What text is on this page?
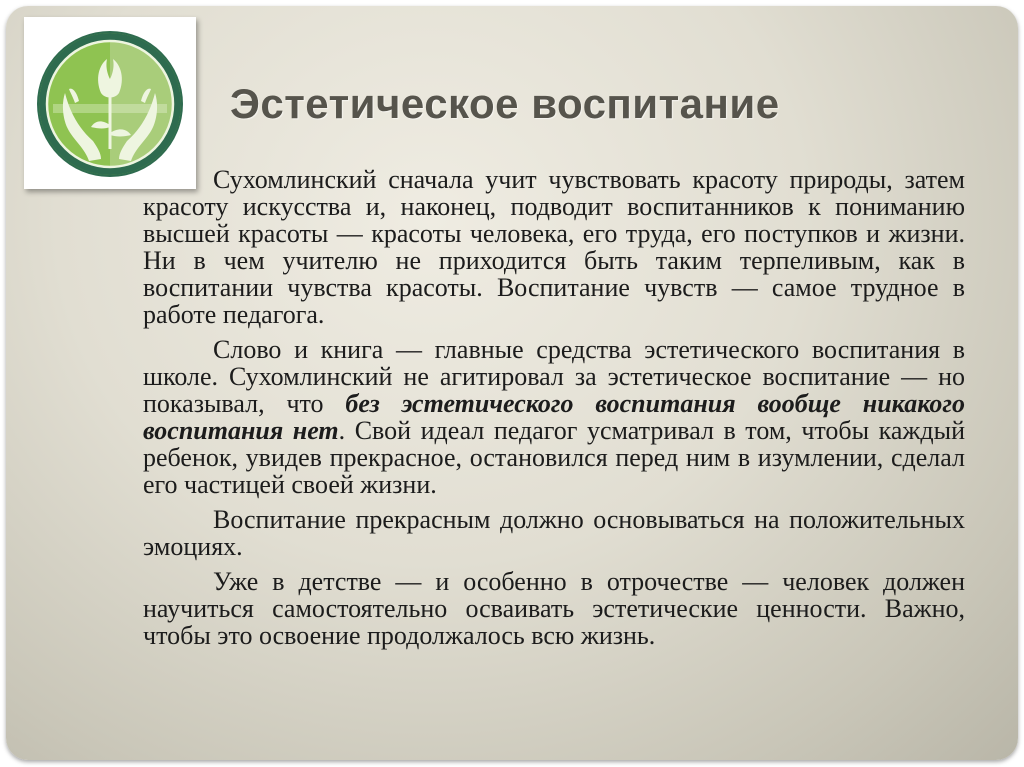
Эстетическое воспитание

Сухомлинский сначала учит чувствовать красоту природы, затем красоту искусства и, наконец, подводит воспитанников к пониманию высшей красоты — красоты человека, его труда, его поступков и жизни. Ни в чем учителю не приходится быть таким терпеливым, как в воспитании чувства красоты. Воспитание чувств — самое трудное в работе педагога.

Слово и книга — главные средства эстетического воспитания в школе. Сухомлинский не агитировал за эстетическое воспитание — но показывал, что без эстетического воспитания вообще никакого воспитания нет. Свой идеал педагог усматривал в том, чтобы каждый ребенок, увидев прекрасное, остановился перед ним в изумлении, сделал его частицей своей жизни.

Воспитание прекрасным должно основываться на положительных эмоциях.

Уже в детстве — и особенно в отрочестве — человек должен научиться самостоятельно осваивать эстетические ценности. Важно, чтобы это освоение продолжалось всю жизнь.
